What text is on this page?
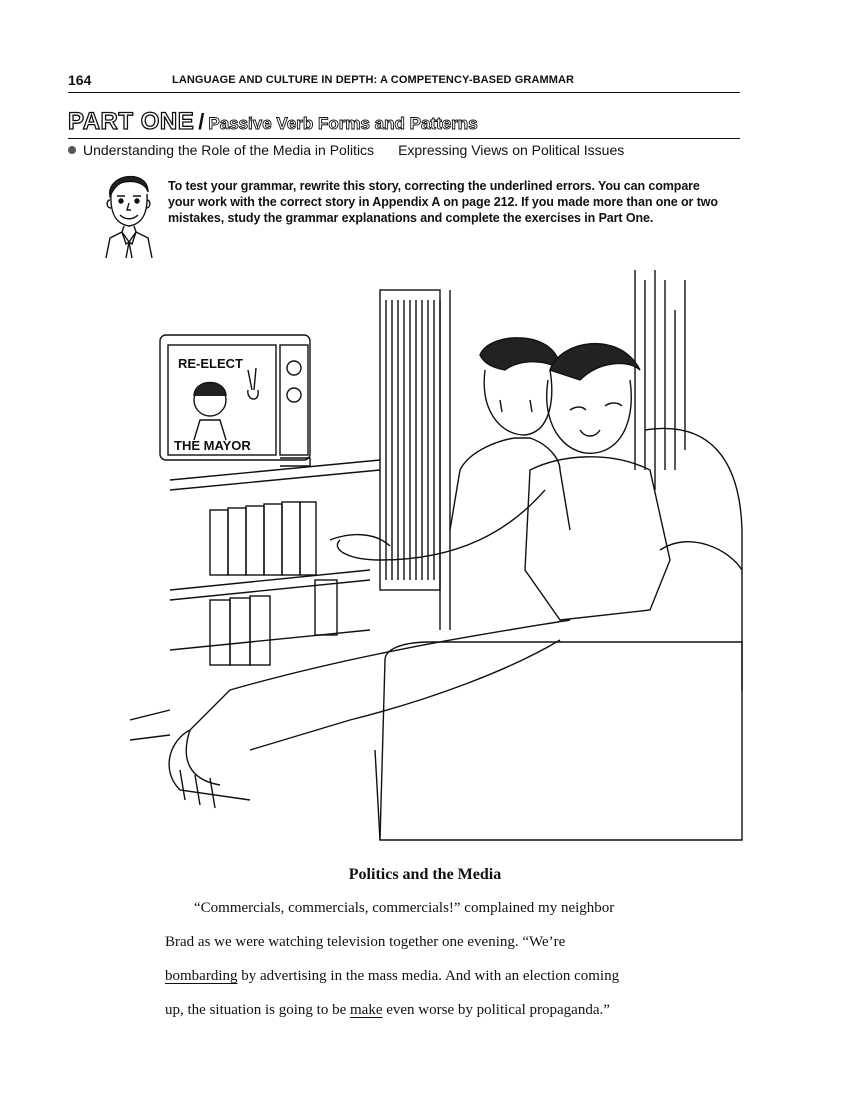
164	LANGUAGE AND CULTURE IN DEPTH: A COMPETENCY-BASED GRAMMAR
PART ONE / Passive Verb Forms and Patterns
Understanding the Role of the Media in Politics Expressing Views on Political Issues
To test your grammar, rewrite this story, correcting the underlined errors. You can compare your work with the correct story in Appendix A on page 212. If you made more than one or two mistakes, study the grammar explanations and complete the exercises in Part One.
RE-ELECT
THE MAYOR
Politics and the Media
“Commercials, commercials, commercials!” complained my neighbor
Brad as we were watching television together one evening. “We’re
bombarding by advertising in the mass media. And with an election coming
up, the situation is going to be make even worse by political propaganda.”
